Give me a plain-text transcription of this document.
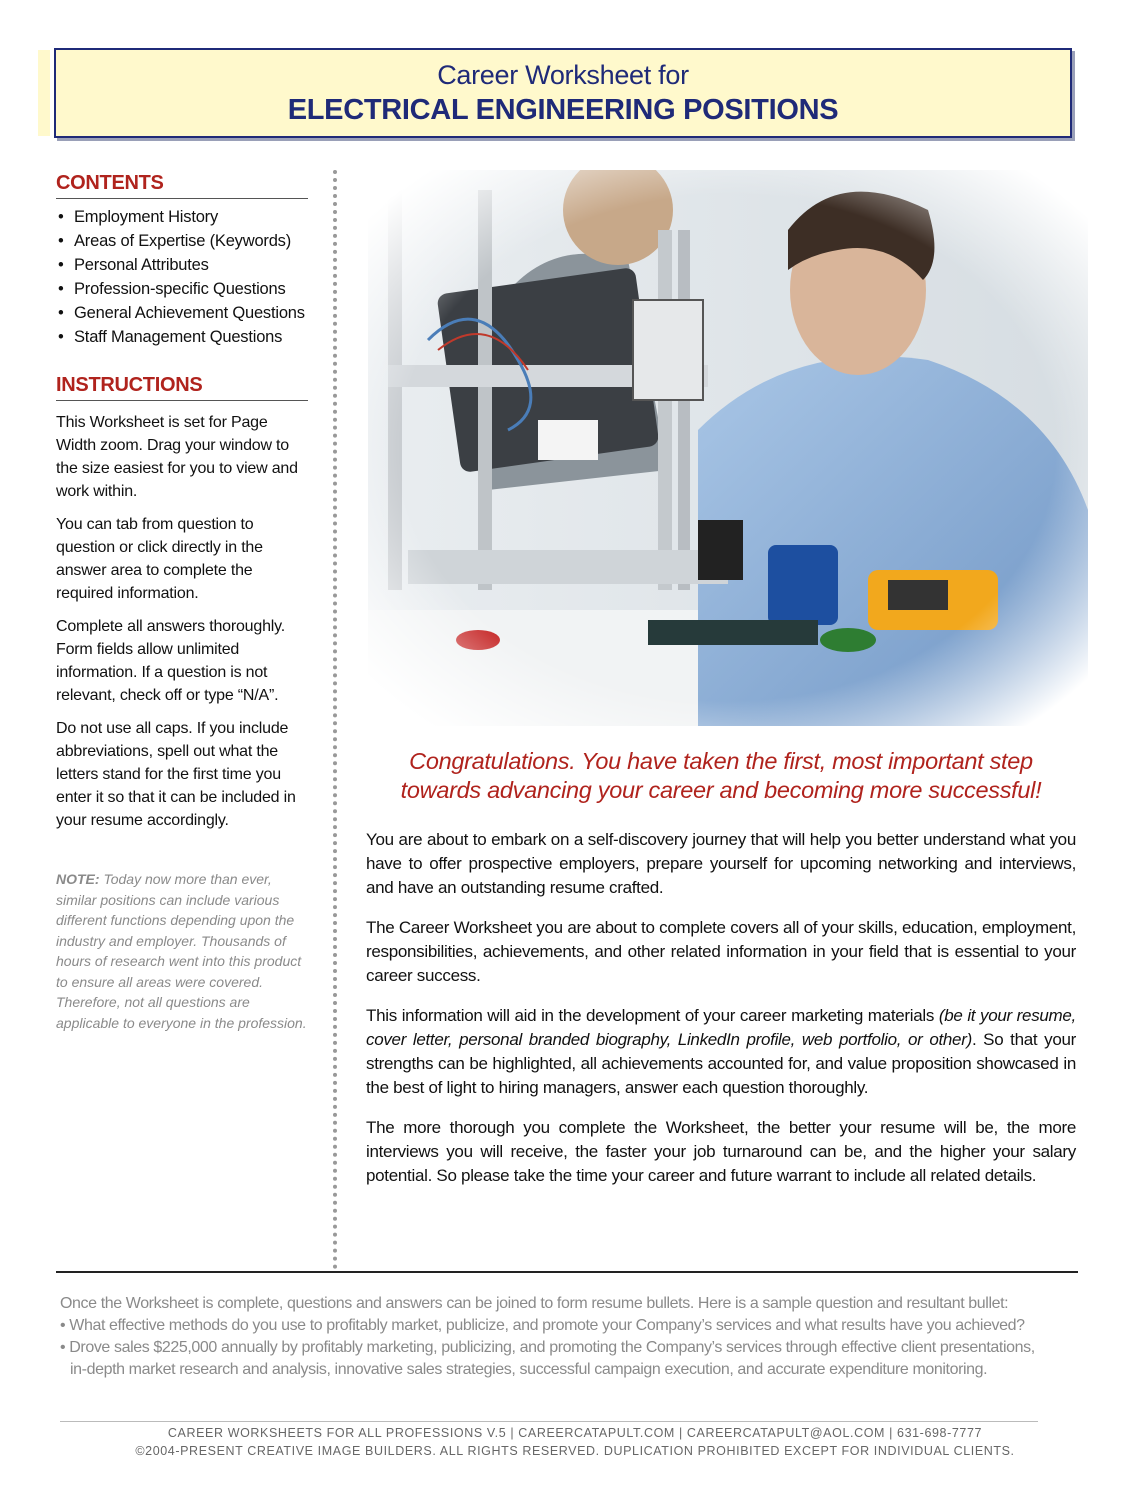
Career Worksheet for
ELECTRICAL ENGINEERING POSITIONS
CONTENTS
• Employment History
• Areas of Expertise (Keywords)
• Personal Attributes
• Profession-specific Questions
• General Achievement Questions
• Staff Management Questions
INSTRUCTIONS

This Worksheet is set for Page Width zoom. Drag your window to the size easiest for you to view and work within.

You can tab from question to question or click directly in the answer area to complete the required information.

Complete all answers thoroughly. Form fields allow unlimited information. If a question is not relevant, check off or type “N/A”.

Do not use all caps. If you include abbreviations, spell out what the letters stand for the first time you enter it so that it can be included in your resume accordingly.

NOTE: Today now more than ever, similar positions can include various different functions depending upon the industry and employer. Thousands of hours of research went into this product to ensure all areas were covered. Therefore, not all questions are applicable to everyone in the profession.
Congratulations. You have taken the first, most important step towards advancing your career and becoming more successful!

You are about to embark on a self-discovery journey that will help you better understand what you have to offer prospective employers, prepare yourself for upcoming networking and interviews, and have an outstanding resume crafted.

The Career Worksheet you are about to complete covers all of your skills, education, employment, responsibilities, achievements, and other related information in your field that is essential to your career success.

This information will aid in the development of your career marketing materials (be it your resume, cover letter, personal branded biography, LinkedIn profile, web portfolio, or other). So that your strengths can be highlighted, all achievements accounted for, and value proposition showcased in the best of light to hiring managers, answer each question thoroughly.

The more thorough you complete the Worksheet, the better your resume will be, the more interviews you will receive, the faster your job turnaround can be, and the higher your salary potential. So please take the time your career and future warrant to include all related details.

Once the Worksheet is complete, questions and answers can be joined to form resume bullets. Here is a sample question and resultant bullet:
• What effective methods do you use to profitably market, publicize, and promote your Company’s services and what results have you achieved?
• Drove sales $225,000 annually by profitably marketing, publicizing, and promoting the Company’s services through effective client presentations,
in-depth market research and analysis, innovative sales strategies, successful campaign execution, and accurate expenditure monitoring.
CAREER WORKSHEETS FOR ALL PROFESSIONS V.5 | CAREERCATAPULT.COM | CAREERCATAPULT@AOL.COM | 631-698-7777
©2004-PRESENT CREATIVE IMAGE BUILDERS. ALL RIGHTS RESERVED. DUPLICATION PROHIBITED EXCEPT FOR INDIVIDUAL CLIENTS.
